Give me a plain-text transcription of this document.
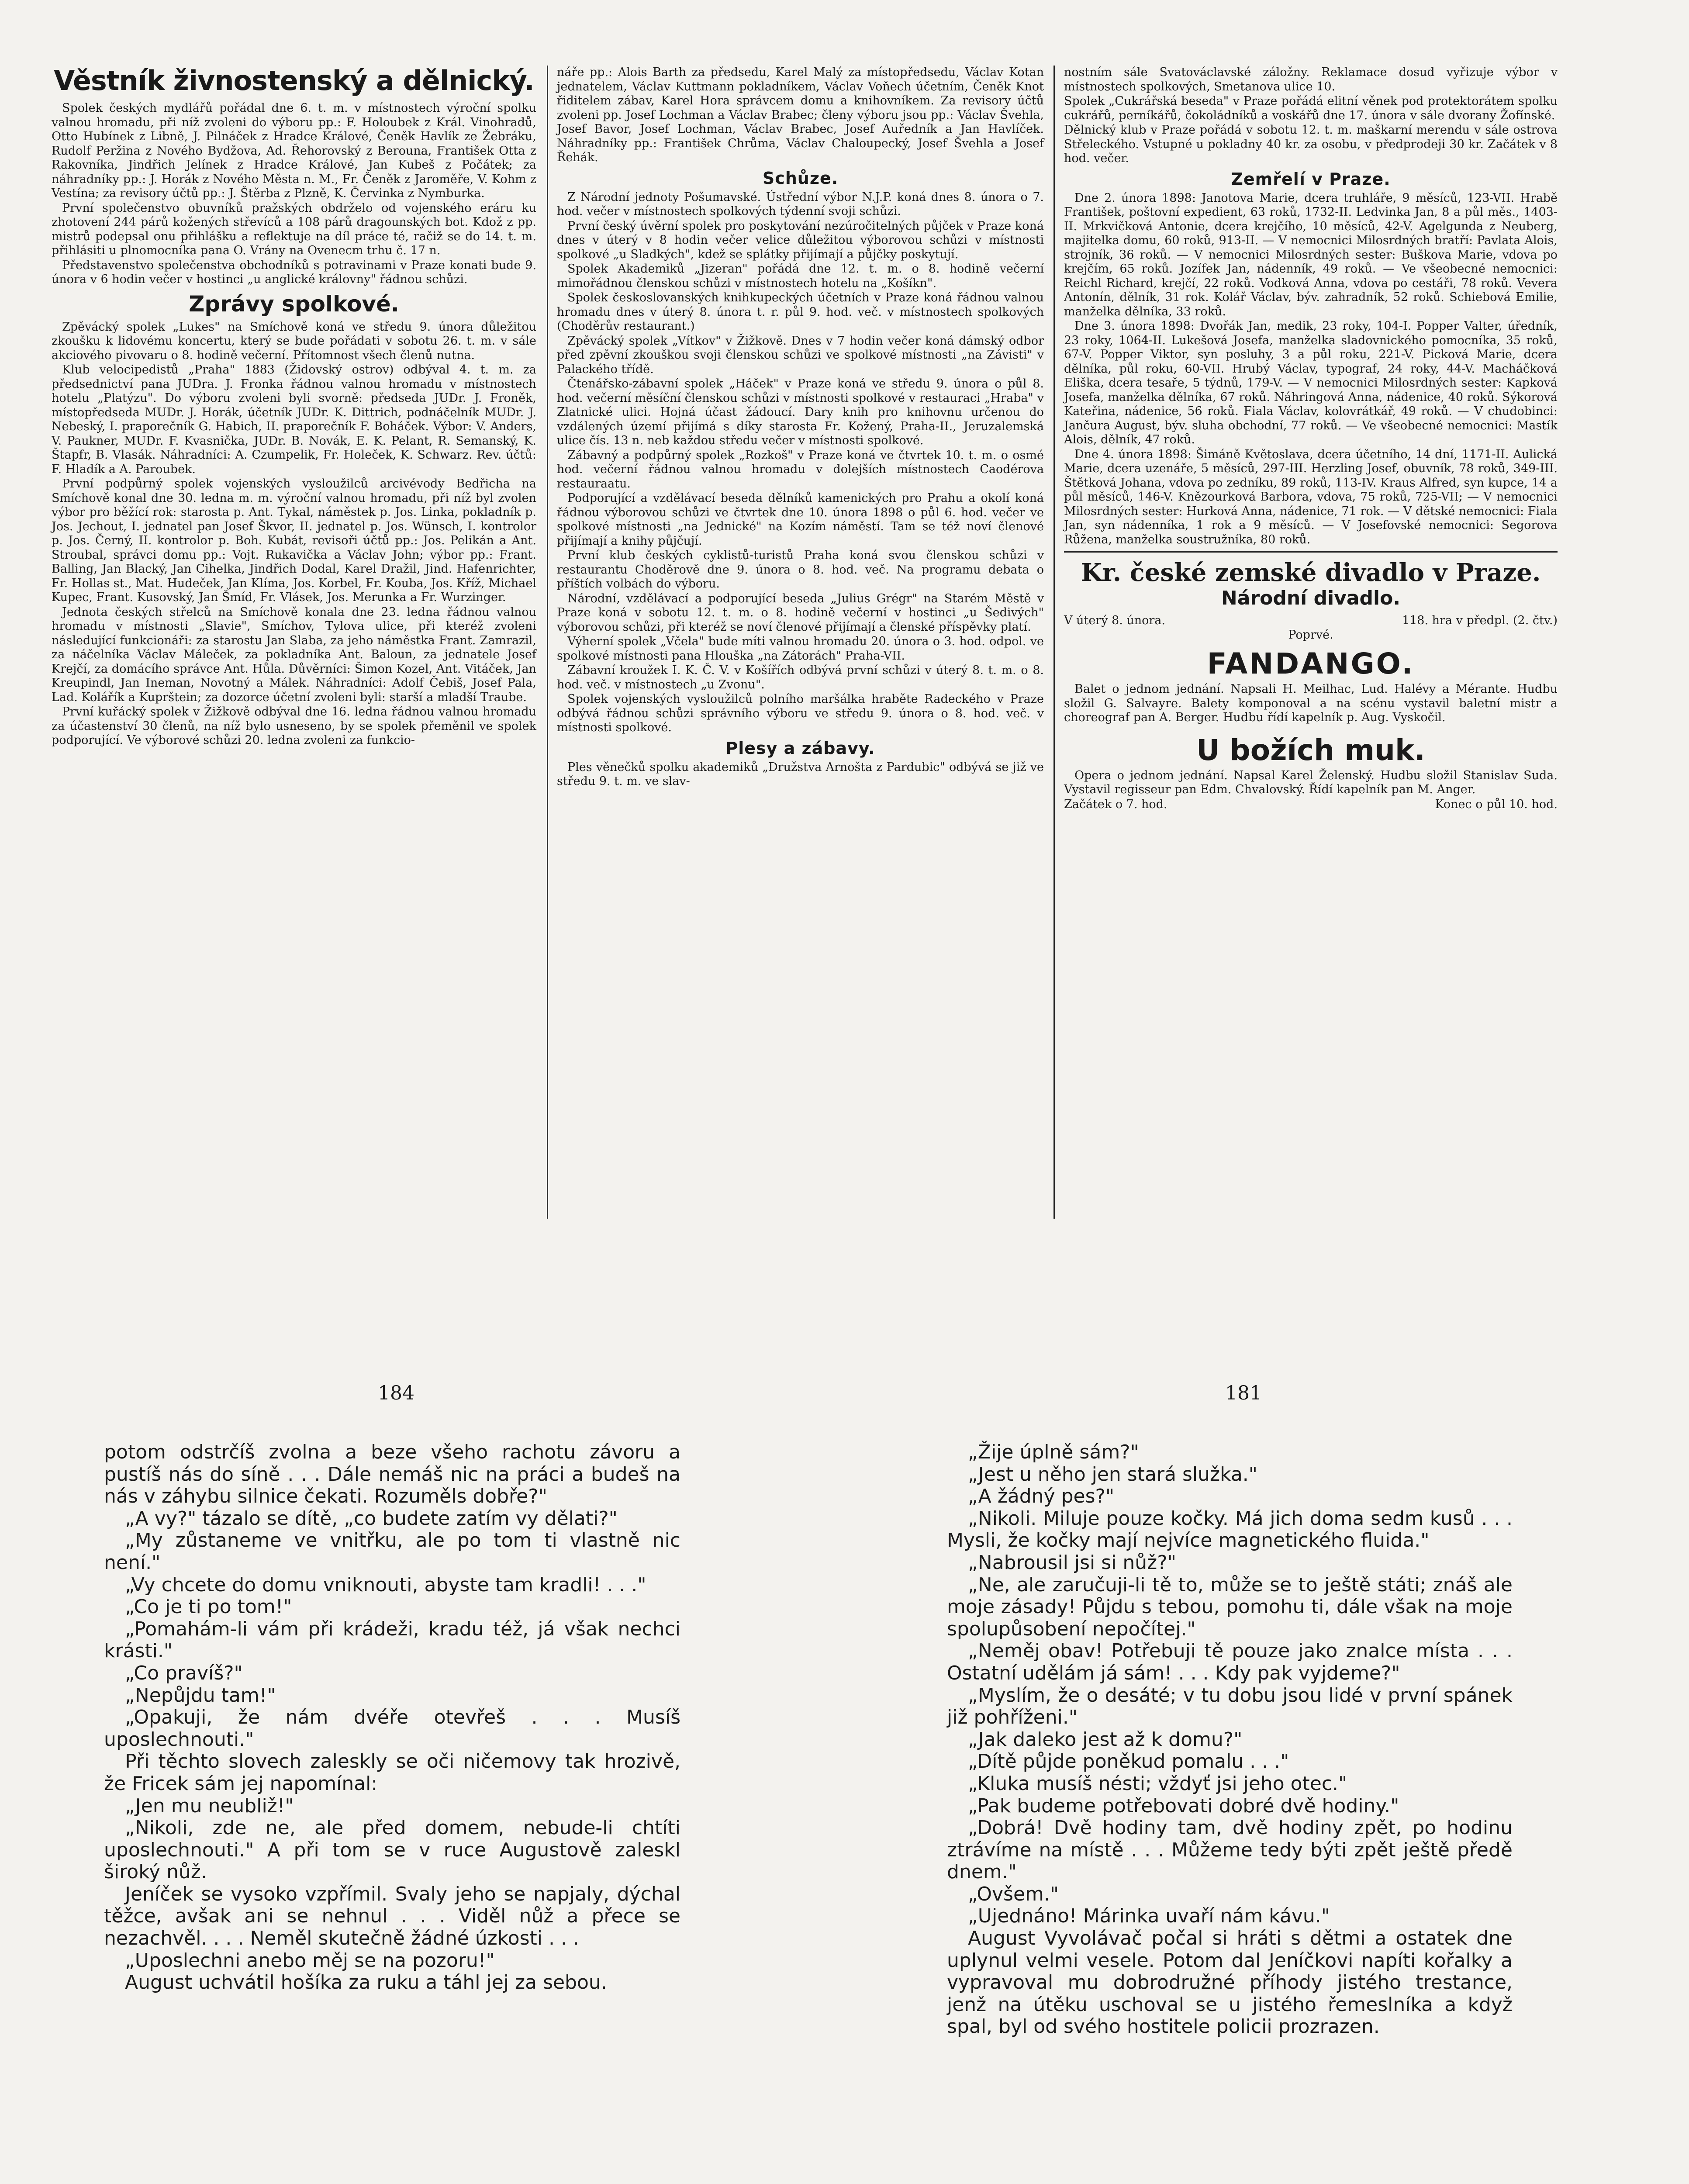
Věstník živnostenský a dělnický.

Spolek českých mydlářů pořádal dne 6. t. m. v místnostech výroční spolku valnou hromadu, při níž zvoleni do výboru pp.: F. Holoubek z Král. Vinohradů, Otto Hubínek z Libně, J. Pilnáček z Hradce Králové, Čeněk Havlík ze Žebráku, Rudolf Peržina z Nového Bydžova, Ad. Řehorovský z Berouna, František Otta z Rakovníka, Jindřich Jelínek z Hradce Králové, Jan Kubeš z Počátek; za náhradníky pp.: J. Horák z Nového Města n. M., Fr. Čeněk z Jaroměře, V. Kohm z Vestína; za revisory účtů pp.: J. Štěrba z Plzně, K. Červinka z Nymburka.

První společenstvo obuvníků pražských obdrželo od vojenského eráru ku zhotovení 244 párů kožených střevíců a 108 párů dragounských bot. Kdož z pp. mistrů podepsal onu přihlášku a reflektuje na díl práce té, račiž se do 14. t. m. přihlásiti u plnomocníka pana O. Vrány na Ovenecm trhu č. 17 n.

Představenstvo společenstva obchodníků s potravinami v Praze konati bude 9. února v 6 hodin večer v hostinci „u anglické královny" řádnou schůzi.

Zprávy spolkové.

Zpěvácký spolek „Lukes" na Smíchově koná ve středu 9. února důležitou zkoušku k lidovému koncertu, který se bude pořádati v sobotu 26. t. m. v sále akciového pivovaru o 8. hodině večerní. Přítomnost všech členů nutna.

Klub velocipedistů „Praha" 1883 (Židovský ostrov) odbýval 4. t. m. za předsednictví pana JUDra. J. Fronka řádnou valnou hromadu v místnostech hotelu „Platýzu". Do výboru zvoleni byli svorně: předseda JUDr. J. Froněk, místopředseda MUDr. J. Horák, účetník JUDr. K. Dittrich, podnáčelník MUDr. J. Nebeský, I. praporečník G. Habich, II. praporečník F. Boháček. Výbor: V. Anders, V. Paukner, MUDr. F. Kvasnička, JUDr. B. Novák, E. K. Pelant, R. Semanský, K. Štapfr, B. Vlasák. Náhradníci: A. Czumpelik, Fr. Holeček, K. Schwarz. Rev. účtů: F. Hladík a A. Paroubek.

První podpůrný spolek vojenských vysloužilců arcivévody Bedřicha na Smíchově konal dne 30. ledna m. m. výroční valnou hromadu, při níž byl zvolen výbor pro běžící rok: starosta p. Ant. Tykal, náměstek p. Jos. Linka, pokladník p. Jos. Jechout, I. jednatel pan Josef Škvor, II. jednatel p. Jos. Wünsch, I. kontrolor p. Jos. Černý, II. kontrolor p. Boh. Kubát, revisoři účtů pp.: Jos. Pelikán a Ant. Stroubal, správci domu pp.: Vojt. Rukavička a Václav John; výbor pp.: Frant. Balling, Jan Blacký, Jan Cihelka, Jindřich Dodal, Karel Dražil, Jind. Hafenrichter, Fr. Hollas st., Mat. Hudeček, Jan Klíma, Jos. Korbel, Fr. Kouba, Jos. Kříž, Michael Kupec, Frant. Kusovský, Jan Šmíd, Fr. Vlásek, Jos. Merunka a Fr. Wurzinger.

Jednota českých střelců na Smíchově konala dne 23. ledna řádnou valnou hromadu v místnosti „Slavie", Smíchov, Tylova ulice, při kteréž zvoleni následující funkcionáři: za starostu Jan Slaba, za jeho náměstka Frant. Zamrazil, za náčelníka Václav Máleček, za pokladníka Ant. Baloun, za jednatele Josef Krejčí, za domácího správce Ant. Hůla. Důvěrníci: Šimon Kozel, Ant. Vitáček, Jan Kreupindl, Jan Ineman, Novotný a Málek. Náhradníci: Adolf Čebiš, Josef Pala, Lad. Kolářík a Kuprštein; za dozorce účetní zvoleni byli: starší a mladší Traube.

První kuřácký spolek v Žižkově odbýval dne 16. ledna řádnou valnou hromadu za účastenství 30 členů, na níž bylo usneseno, by se spolek přeměnil ve spolek podporující. Ve výborové schůzi 20. ledna zvoleni za funkcio-

náře pp.: Alois Barth za předsedu, Karel Malý za místopředsedu, Václav Kotan jednatelem, Václav Kuttmann pokladníkem, Václav Voňech účetním, Čeněk Knot řiditelem zábav, Karel Hora správcem domu a knihovníkem. Za revisory účtů zvoleni pp. Josef Lochman a Václav Brabec; členy výboru jsou pp.: Václav Švehla, Josef Bavor, Josef Lochman, Václav Brabec, Josef Auředník a Jan Havlíček. Náhradníky pp.: František Chrůma, Václav Chaloupecký, Josef Švehla a Josef Řehák.

Schůze.

Z Národní jednoty Pošumavské. Ústřední výbor N.J.P. koná dnes 8. února o 7. hod. večer v místnostech spolkových týdenní svoji schůzi.

První český úvěrní spolek pro poskytování nezúročitelných půjček v Praze koná dnes v úterý v 8 hodin večer velice důležitou výborovou schůzi v místnosti spolkové „u Sladkých", kdež se splátky přijímají a půjčky poskytují.

Spolek Akademiků „Jizeran" pořádá dne 12. t. m. o 8. hodině večerní mimořádnou členskou schůzi v místnostech hotelu na „Košíkn".

Spolek českoslovanských knihkupeckých účetních v Praze koná řádnou valnou hromadu dnes v úterý 8. února t. r. půl 9. hod. več. v místnostech spolkových (Choděrův restaurant.)

Zpěvácký spolek „Vítkov" v Žižkově. Dnes v 7 hodin večer koná dámský odbor před zpěvní zkouškou svoji členskou schůzi ve spolkové místnosti „na Závisti" v Palackého třídě.

Čtenářsko-zábavní spolek „Háček" v Praze koná ve středu 9. února o půl 8. hod. večerní měsíční členskou schůzi v místnosti spolkové v restauraci „Hraba" v Zlatnické ulici. Hojná účast žádoucí. Dary knih pro knihovnu určenou do vzdálených území přijímá s díky starosta Fr. Kožený, Praha-II., Jeruzalemská ulice čís. 13 n. neb každou středu večer v místnosti spolkové.

Zábavný a podpůrný spolek „Rozkoš" v Praze koná ve čtvrtek 10. t. m. o osmé hod. večerní řádnou valnou hromadu v dolejších místnostech Caodérova restauraatu.

Podporující a vzdělávací beseda dělníků kamenických pro Prahu a okolí koná řádnou výborovou schůzi ve čtvrtek dne 10. února 1898 o půl 6. hod. večer ve spolkové místnosti „na Jednické" na Kozím náměstí. Tam se též noví členové přijímají a knihy půjčují.

První klub českých cyklistů-turistů Praha koná svou členskou schůzi v restaurantu Choděrově dne 9. února o 8. hod. več. Na programu debata o příštích volbách do výboru.

Národní, vzdělávací a podporující beseda „Julius Grégr" na Starém Městě v Praze koná v sobotu 12. t. m. o 8. hodině večerní v hostinci „u Šedivých" výborovou schůzi, při kteréž se noví členové přijímají a členské příspěvky platí.

Výherní spolek „Včela" bude míti valnou hromadu 20. února o 3. hod. odpol. ve spolkové místnosti pana Hlouška „na Zátorách" Praha-VII.

Zábavní kroužek I. K. Č. V. v Košířích odbývá první schůzi v úterý 8. t. m. o 8. hod. več. v místnostech „u Zvonu".

Spolek vojenských vysloužilců polního maršálka hraběte Radeckého v Praze odbývá řádnou schůzi správního výboru ve středu 9. února o 8. hod. več. v místnosti spolkové.

Plesy a zábavy.

Ples věnečků spolku akademiků „Družstva Arnošta z Pardubic" odbývá se již ve středu 9. t. m. ve slav-

nostním sále Svatováclavské záložny. Reklamace dosud vyřizuje výbor v místnostech spolkových, Smetanova ulice 10.

Spolek „Cukrářská beseda" v Praze pořádá elitní věnek pod protektorátem spolku cukrářů, perníkářů, čokoládníků a voskářů dne 17. února v sále dvorany Žofínské.

Dělnický klub v Praze pořádá v sobotu 12. t. m. maškarní merendu v sále ostrova Střeleckého. Vstupné u pokladny 40 kr. za osobu, v předprodeji 30 kr. Začátek v 8 hod. večer.

Zemřelí v Praze.

Dne 2. února 1898: Janotova Marie, dcera truhláře, 9 měsíců, 123-VII. Hrabě František, poštovní expedient, 63 roků, 1732-II. Ledvinka Jan, 8 a půl měs., 1403-II. Mrkvičková Antonie, dcera krejčího, 10 měsíců, 42-V. Agelgunda z Neuberg, majitelka domu, 60 roků, 913-II. — V nemocnici Milosrdných bratří: Pavlata Alois, strojník, 36 roků. — V nemocnici Milosrdných sester: Buškova Marie, vdova po krejčím, 65 roků. Jozífek Jan, nádenník, 49 roků. — Ve všeobecné nemocnici: Reichl Richard, krejčí, 22 roků. Vodková Anna, vdova po cestáři, 78 roků. Vevera Antonín, dělník, 31 rok. Kolář Václav, býv. zahradník, 52 roků. Schiebová Emilie, manželka dělníka, 33 roků.

Dne 3. února 1898: Dvořák Jan, medik, 23 roky, 104-I. Popper Valter, úředník, 23 roky, 1064-II. Lukešová Josefa, manželka sladovnického pomocníka, 35 roků, 67-V. Popper Viktor, syn posluhy, 3 a půl roku, 221-V. Picková Marie, dcera dělníka, půl roku, 60-VII. Hrubý Václav, typograf, 24 roky, 44-V. Macháčková Eliška, dcera tesaře, 5 týdnů, 179-V. — V nemocnici Milosrdných sester: Kapková Josefa, manželka dělníka, 67 roků. Náhringová Anna, nádenice, 40 roků. Sýkorová Kateřina, nádenice, 56 roků. Fiala Václav, kolovrátkář, 49 roků. — V chudobinci: Jančura August, býv. sluha obchodní, 77 roků. — Ve všeobecné nemocnici: Mastík Alois, dělník, 47 roků.

Dne 4. února 1898: Šimáně Květoslava, dcera účetního, 14 dní, 1171-II. Aulická Marie, dcera uzenáře, 5 měsíců, 297-III. Herzling Josef, obuvník, 78 roků, 349-III. Štětková Johana, vdova po zedníku, 89 roků, 113-IV. Kraus Alfred, syn kupce, 14 a půl měsíců, 146-V. Knězourková Barbora, vdova, 75 roků, 725-VII; — V nemocnici Milosrdných sester: Hurková Anna, nádenice, 71 rok. — V dětské nemocnici: Fiala Jan, syn nádenníka, 1 rok a 9 měsíců. — V Josefovské nemocnici: Segorova Růžena, manželka soustružníka, 80 roků.

Kr. české zemské divadlo v Praze.
Národní divadlo.
V úterý 8. února.	118. hra v předpl. (2. čtv.)

Poprvé.

FANDANGO.

Balet o jednom jednání. Napsali H. Meilhac, Lud. Halévy a Mérante. Hudbu složil G. Salvayre. Balety komponoval a na scénu vystavil baletní mistr a choreograf pan A. Berger. Hudbu řídí kapelník p. Aug. Vyskočil.

U božích muk.

Opera o jednom jednání. Napsal Karel Želenský. Hudbu složil Stanislav Suda. Vystavil regisseur pan Edm. Chvalovský. Řídí kapelník pan M. Anger.

Začátek o 7. hod.	Konec o půl 10. hod.
184	181

potom odstrčíš zvolna a beze všeho rachotu závoru a pustíš nás do síně . . . Dále nemáš nic na práci a budeš na nás v záhybu silnice čekati. Rozuměls dobře?"

„A vy?" tázalo se dítě, „co budete zatím vy dělati?"

„My zůstaneme ve vnitřku, ale po tom ti vlastně nic není."

„Vy chcete do domu vniknouti, abyste tam kradli! . . ."

„Co je ti po tom!"

„Pomahám-li vám při krádeži, kradu též, já však nechci krásti."

„Co pravíš?"

„Nepůjdu tam!"

„Opakuji, že nám dvéře otevřeš . . . Musíš uposlechnouti."

Při těchto slovech zaleskly se oči ničemovy tak hrozivě, že Fricek sám jej napomínal:

„Jen mu neubliž!"

„Nikoli, zde ne, ale před domem, nebude-li chtíti uposlechnouti." A při tom se v ruce Augustově zaleskl široký nůž.

Jeníček se vysoko vzpřímil. Svaly jeho se napjaly, dýchal těžce, avšak ani se nehnul . . . Viděl nůž a přece se nezachvěl. . . . Neměl skutečně žádné úzkosti . . .

„Uposlechni anebo měj se na pozoru!"

August uchvátil hošíka za ruku a táhl jej za sebou.

„Žije úplně sám?"

„Jest u něho jen stará služka."

„A žádný pes?"

„Nikoli. Miluje pouze kočky. Má jich doma sedm kusů . . . Mysli, že kočky mají nejvíce magnetického fluida."

„Nabrousil jsi si nůž?"

„Ne, ale zaručuji-li tě to, může se to ještě státi; znáš ale moje zásady! Půjdu s tebou, pomohu ti, dále však na moje spolupůsobení nepočítej."

„Neměj obav! Potřebuji tě pouze jako znalce místa . . . Ostatní udělám já sám! . . . Kdy pak vyjdeme?"

„Myslím, že o desáté; v tu dobu jsou lidé v první spánek již pohříženi."

„Jak daleko jest až k domu?"

„Dítě půjde poněkud pomalu . . ."

„Kluka musíš nésti; vždyť jsi jeho otec."

„Pak budeme potřebovati dobré dvě hodiny."

„Dobrá! Dvě hodiny tam, dvě hodiny zpět, po hodinu ztrávíme na místě . . . Můžeme tedy býti zpět ještě předě dnem."

„Ovšem."

„Ujednáno! Márinka uvaří nám kávu."

August Vyvolávač počal si hráti s dětmi a ostatek dne uplynul velmi vesele. Potom dal Jeníčkovi napíti kořalky a vypravoval mu dobrodružné příhody jistého trestance, jenž na útěku uschoval se u jistého řemeslníka a když spal, byl od svého hostitele policii prozrazen.
